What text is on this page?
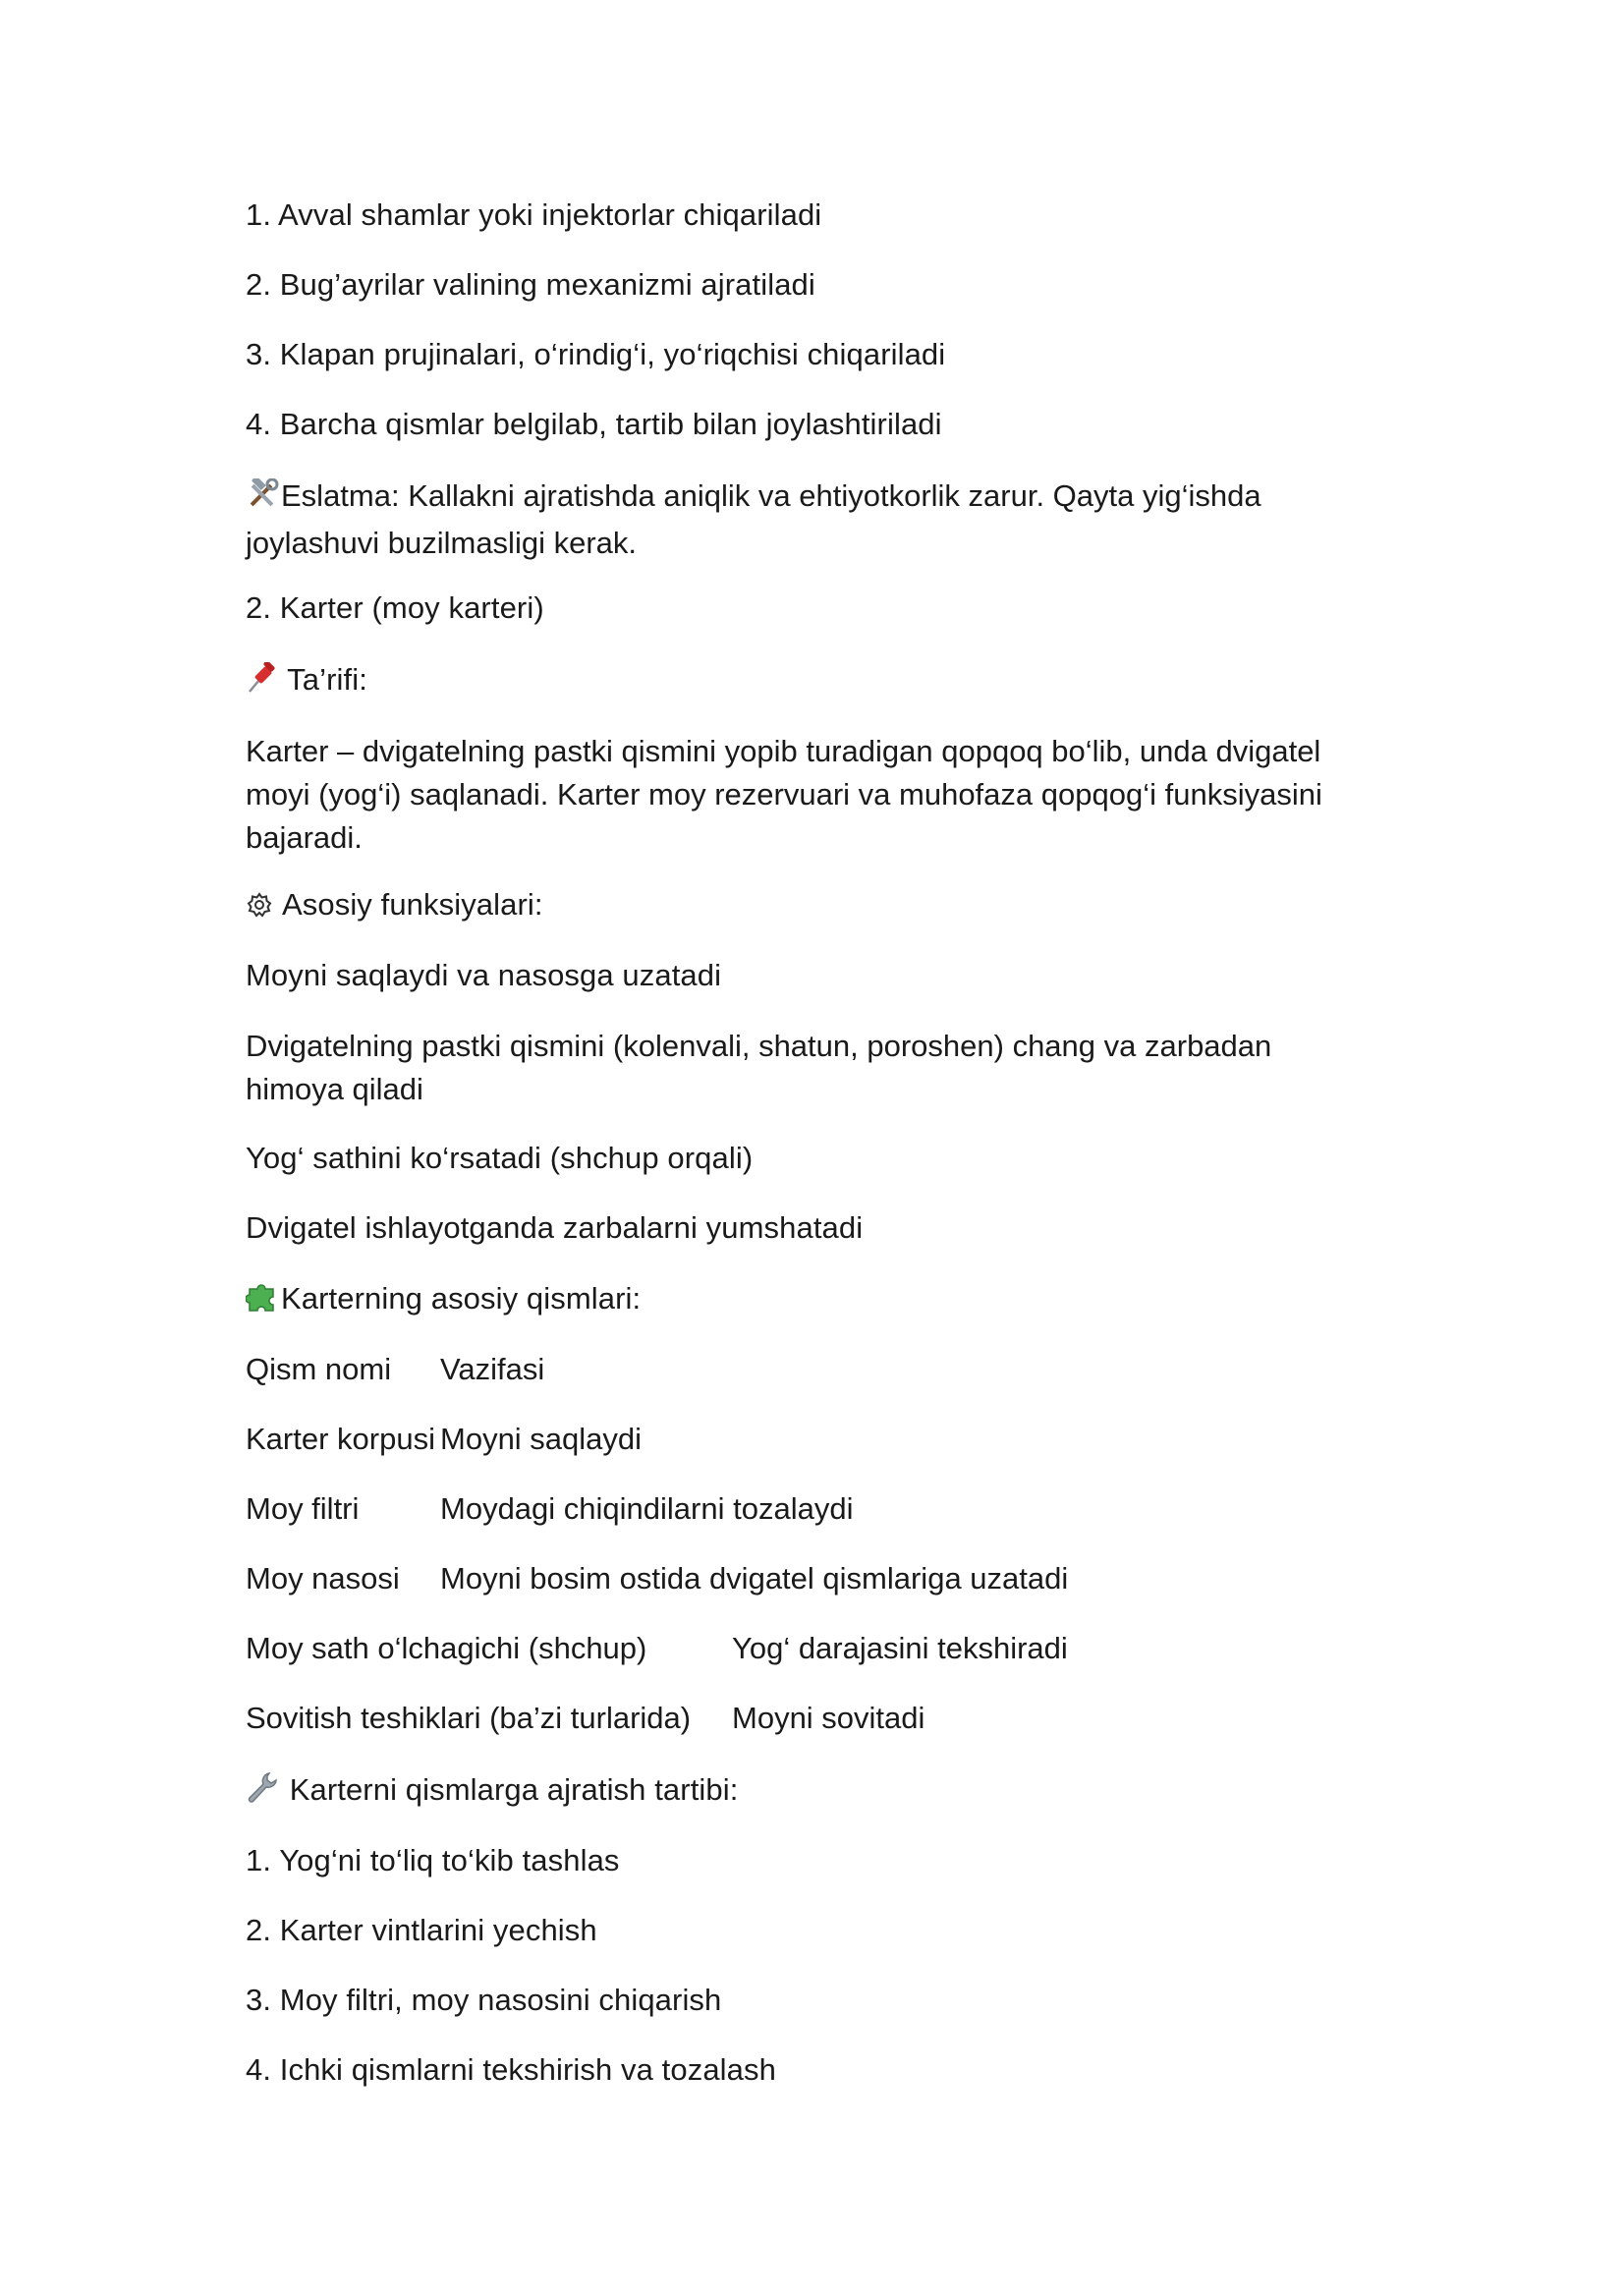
1. Avval shamlar yoki injektorlar chiqariladi
2. Bug’ayrilar valining mexanizmi ajratiladi
3. Klapan prujinalari, o‘rindig‘i, yo‘riqchisi chiqariladi
4. Barcha qismlar belgilab, tartib bilan joylashtiriladi
Eslatma: Kallakni ajratishda aniqlik va ehtiyotkorlik zarur. Qayta yig‘ishda joylashuvi buzilmasligi kerak.
2. Karter (moy karteri)
Ta’rifi:
Karter – dvigatelning pastki qismini yopib turadigan qopqoq bo‘lib, unda dvigatel moyi (yog‘i) saqlanadi. Karter moy rezervuari va muhofaza qopqog‘i funksiyasini bajaradi.
Asosiy funksiyalari:
Moyni saqlaydi va nasosga uzatadi
Dvigatelning pastki qismini (kolenvali, shatun, poroshen) chang va zarbadan himoya qiladi
Yog‘ sathini ko‘rsatadi (shchup orqali)
Dvigatel ishlayotganda zarbalarni yumshatadi
Karterning asosiy qismlari:
Qism nomi Vazifasi
Karter korpusi Moyni saqlaydi
Moy filtri	Moydagi chiqindilarni tozalaydi
Moy nasosi Moyni bosim ostida dvigatel qismlariga uzatadi
Moy sath o‘lchagichi (shchup)	Yog‘ darajasini tekshiradi
Sovitish teshiklari (ba’zi turlarida) Moyni sovitadi
Karterni qismlarga ajratish tartibi:
1. Yog‘ni to‘liq to‘kib tashlas
2. Karter vintlarini yechish
3. Moy filtri, moy nasosini chiqarish
4. Ichki qismlarni tekshirish va tozalash
